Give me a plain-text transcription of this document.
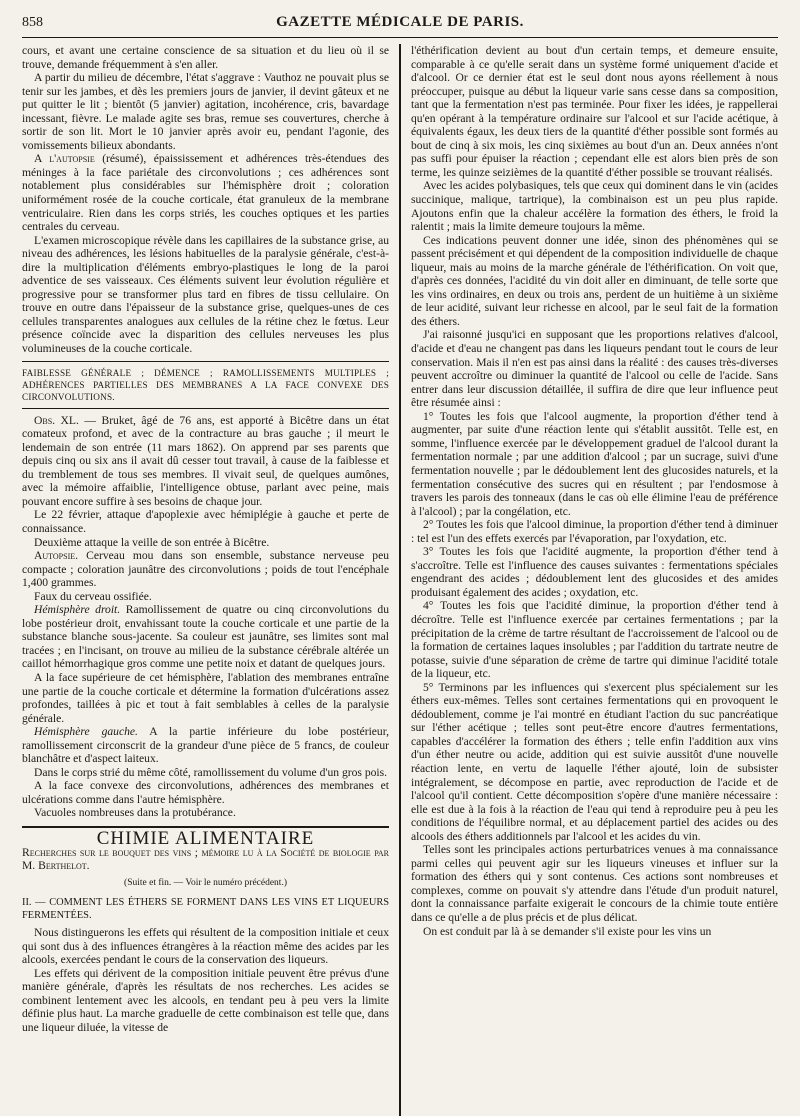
858	GAZETTE MÉDICALE DE PARIS.

cours, et avant une certaine conscience de sa situation et du lieu où il se trouve, demande fréquemment à s'en aller.

A partir du milieu de décembre, l'état s'aggrave : Vauthoz ne pouvait plus se tenir sur les jambes, et dès les premiers jours de janvier, il devint gâteux et ne put quitter le lit ; bientôt (5 janvier) agitation, incohérence, cris, bavardage incessant, fièvre. Le malade agite ses bras, remue ses couvertures, cherche à sortir de son lit. Mort le 10 janvier après avoir eu, pendant l'agonie, des vomissements bilieux abondants.

A l'autopsie (résumé), épaississement et adhérences très-étendues des méninges à la face pariétale des circonvolutions ; ces adhérences sont notablement plus considérables sur l'hémisphère droit ; coloration uniformément rosée de la couche corticale, état granuleux de la membrane ventriculaire. Rien dans les corps striés, les couches optiques et les parties centrales du cerveau.

L'examen microscopique révèle dans les capillaires de la substance grise, au niveau des adhérences, les lésions habituelles de la paralysie générale, c'est-à-dire la multiplication d'éléments embryo-plastiques le long de la paroi adventice de ses vaisseaux. Ces éléments suivent leur évolution régulière et progressive pour se transformer plus tard en fibres de tissu cellulaire. On trouve en outre dans l'épaisseur de la substance grise, quelques-unes de ces cellules transparentes analogues aux cellules de la rétine chez le fœtus. Leur présence coïncide avec la disparition des cellules nerveuses les plus volumineuses de la couche corticale.

FAIBLESSE GÉNÉRALE ; DÉMENCE ; RAMOLLISSEMENTS MULTIPLES ; ADHÉRENCES PARTIELLES DES MEMBRANES A LA FACE CONVEXE DES CIRCONVOLUTIONS.

Obs. XL. — Bruket, âgé de 76 ans, est apporté à Bicêtre dans un état comateux profond, et avec de la contracture au bras gauche ; il meurt le lendemain de son entrée (11 mars 1862). On apprend par ses parents que depuis cinq ou six ans il avait dû cesser tout travail, à cause de la faiblesse et du tremblement de tous ses membres. Il vivait seul, de quelques aumônes, avec la mémoire affaiblie, l'intelligence obtuse, parlant avec peine, mais pouvant encore suffire à ses besoins de chaque jour.

Le 22 février, attaque d'apoplexie avec hémiplégie à gauche et perte de connaissance.

Deuxième attaque la veille de son entrée à Bicêtre.

Autopsie. Cerveau mou dans son ensemble, substance nerveuse peu compacte ; coloration jaunâtre des circonvolutions ; poids de tout l'encéphale 1,400 grammes.

Faux du cerveau ossifiée.

Hémisphère droit. Ramollissement de quatre ou cinq circonvolutions du lobe postérieur droit, envahissant toute la couche corticale et une partie de la substance blanche sous-jacente. Sa couleur est jaunâtre, ses limites sont mal tracées ; en l'incisant, on trouve au milieu de la substance cérébrale altérée un caillot hémorrhagique gros comme une petite noix et datant de quelques jours.

A la face supérieure de cet hémisphère, l'ablation des membranes entraîne une partie de la couche corticale et détermine la formation d'ulcérations assez profondes, taillées à pic et tout à fait semblables à celles de la paralysie générale.

Hémisphère gauche. A la partie inférieure du lobe postérieur, ramollissement circonscrit de la grandeur d'une pièce de 5 francs, de couleur blanchâtre et d'aspect laiteux.

Dans le corps strié du même côté, ramollissement du volume d'un gros pois.

A la face convexe des circonvolutions, adhérences des membranes et ulcérations comme dans l'autre hémisphère.

Vacuoles nombreuses dans la protubérance.

CHIMIE ALIMENTAIRE

Recherches sur le bouquet des vins ; mémoire lu à la Société de biologie par M. Berthelot.

(Suite et fin. — Voir le numéro précédent.)

II. — COMMENT LES ÉTHERS SE FORMENT DANS LES VINS ET LIQUEURS FERMENTÉES.

Nous distinguerons les effets qui résultent de la composition initiale et ceux qui sont dus à des influences étrangères à la réaction même des acides par les alcools, exercées pendant le cours de la conservation des liqueurs.

Les effets qui dérivent de la composition initiale peuvent être prévus d'une manière générale, d'après les résultats de nos recherches. Les acides se combinent lentement avec les alcools, en tendant peu à peu vers la limite définie plus haut. La marche graduelle de cette combinaison est telle que, dans une liqueur diluée, la vitesse de

l'éthérification devient au bout d'un certain temps, et demeure ensuite, comparable à ce qu'elle serait dans un système formé uniquement d'acide et d'alcool. Or ce dernier état est le seul dont nous ayons réellement à nous préoccuper, puisque au début la liqueur varie sans cesse dans sa composition, tant que la fermentation n'est pas terminée. Pour fixer les idées, je rappellerai qu'en opérant à la température ordinaire sur l'alcool et sur l'acide acétique, à équivalents égaux, les deux tiers de la quantité d'éther possible sont formés au bout de cinq à six mois, les cinq sixièmes au bout d'un an. Deux années n'ont pas suffi pour épuiser la réaction ; cependant elle est alors bien près de son terme, les quinze seizièmes de la quantité d'éther possible se trouvant réalisés.

Avec les acides polybasiques, tels que ceux qui dominent dans le vin (acides succinique, malique, tartrique), la combinaison est un peu plus rapide. Ajoutons enfin que la chaleur accélère la formation des éthers, le froid la ralentit ; mais la limite demeure toujours la même.

Ces indications peuvent donner une idée, sinon des phénomènes qui se passent précisément et qui dépendent de la composition individuelle de chaque liqueur, mais au moins de la marche générale de l'éthérification. On voit que, d'après ces données, l'acidité du vin doit aller en diminuant, de telle sorte que les vins ordinaires, en deux ou trois ans, perdent de un huitième à un sixième de leur acidité, suivant leur richesse en alcool, par le seul fait de la formation des éthers.

J'ai raisonné jusqu'ici en supposant que les proportions relatives d'alcool, d'acide et d'eau ne changent pas dans les liqueurs pendant tout le cours de leur conservation. Mais il n'en est pas ainsi dans la réalité : des causes très-diverses peuvent accroître ou diminuer la quantité de l'alcool ou celle de l'acide. Sans entrer dans leur discussion détaillée, il suffira de dire que leur influence peut être résumée ainsi :

1° Toutes les fois que l'alcool augmente, la proportion d'éther tend à augmenter, par suite d'une réaction lente qui s'établit aussitôt. Telle est, en somme, l'influence exercée par le développement graduel de l'alcool durant la fermentation normale ; par une addition d'alcool ; par un sucrage, suivi d'une fermentation nouvelle ; par le dédoublement lent des glucosides naturels, et la fermentation consécutive des sucres qui en résultent ; par l'endosmose à travers les parois des tonneaux (dans le cas où elle élimine l'eau de préférence à l'alcool) ; par la congélation, etc.

2° Toutes les fois que l'alcool diminue, la proportion d'éther tend à diminuer : tel est l'un des effets exercés par l'évaporation, par l'oxydation, etc.

3° Toutes les fois que l'acidité augmente, la proportion d'éther tend à s'accroître. Telle est l'influence des causes suivantes : fermentations spéciales engendrant des acides ; dédoublement lent des glucosides et des amides produisant également des acides ; oxydation, etc.

4° Toutes les fois que l'acidité diminue, la proportion d'éther tend à décroître. Telle est l'influence exercée par certaines fermentations ; par la précipitation de la crème de tartre résultant de l'accroissement de l'alcool ou de la formation de certaines laques insolubles ; par l'addition du tartrate neutre de potasse, suivie d'une séparation de crème de tartre qui diminue l'acidité totale de la liqueur, etc.

5° Terminons par les influences qui s'exercent plus spécialement sur les éthers eux-mêmes. Telles sont certaines fermentations qui en provoquent le dédoublement, comme je l'ai montré en étudiant l'action du suc pancréatique sur l'éther acétique ; telles sont peut-être encore d'autres fermentations, capables d'accélérer la formation des éthers ; telle enfin l'addition aux vins d'un éther neutre ou acide, addition qui est suivie aussitôt d'une nouvelle réaction lente, en vertu de laquelle l'éther ajouté, loin de subsister intégralement, se décompose en partie, avec reproduction de l'acide et de l'alcool qu'il contient. Cette décomposition s'opère d'une manière nécessaire : elle est due à la fois à la réaction de l'eau qui tend à reproduire peu à peu les conditions de l'équilibre normal, et au déplacement partiel des acides ou des alcools des éthers additionnels par l'alcool et les acides du vin.

Telles sont les principales actions perturbatrices venues à ma connaissance parmi celles qui peuvent agir sur les liqueurs vineuses et influer sur la formation des éthers qui y sont contenus. Ces actions sont nombreuses et complexes, comme on pouvait s'y attendre dans l'étude d'un produit naturel, dont la connaissance parfaite exigerait le concours de la chimie toute entière dans ce qu'elle a de plus précis et de plus délicat.

On est conduit par là à se demander s'il existe pour les vins un
